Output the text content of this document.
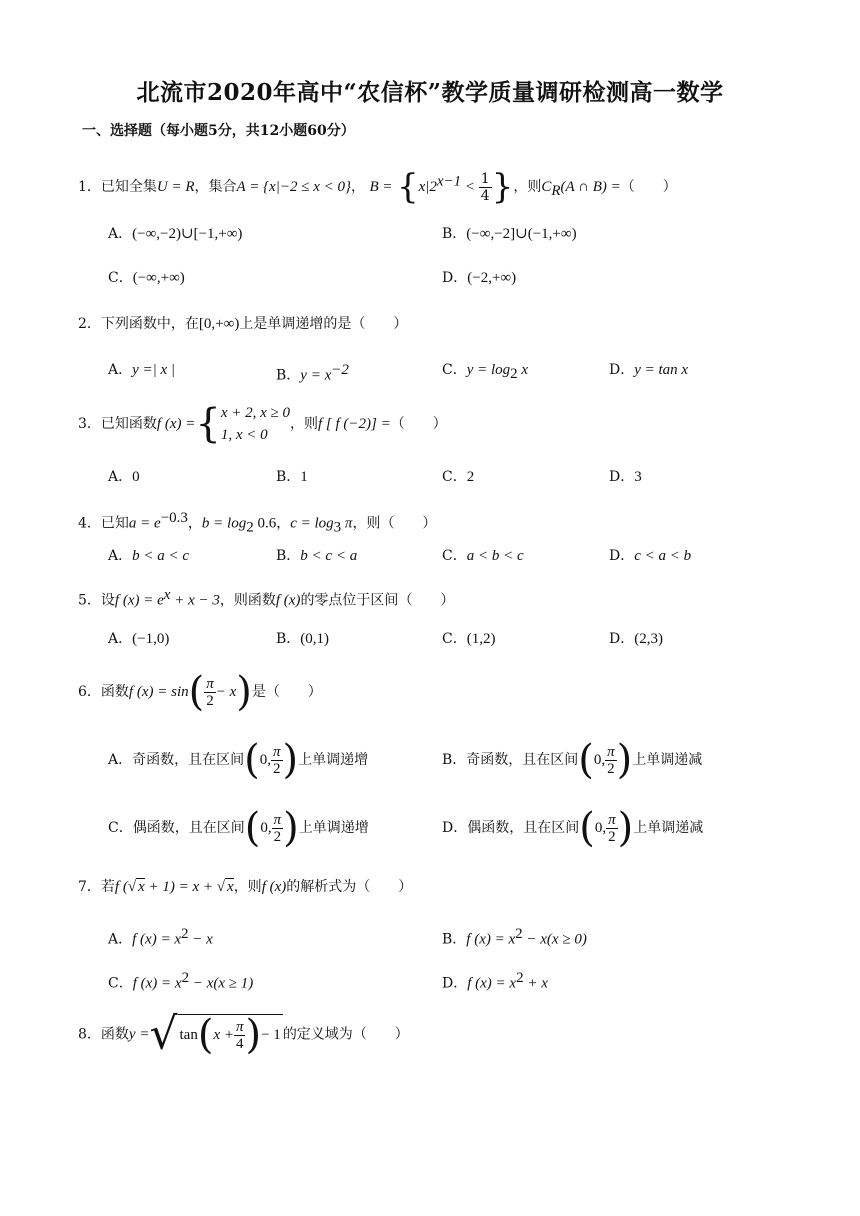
北流市2020年高中“农信杯”教学质量调研检测高一数学
一、选择题（每小题5分，共12小题60分）
1．已知全集U = R，集合A = {x|−2 ≤ x < 0}， $B = \{x|2^{x-1} < \frac{1}{4}$ }，则$C_R(A$ ∩ B) =（　　）
A．(−∞,−2)∪[−1,+∞)	B．(−∞,−2]∪(−1,+∞)
C．(−∞,+∞)	D．(−2,+∞)
2．下列函数中，在[0,+∞)上是单调递增的是（　　）
A．y =| x |	B．$y = x^{-2}$	C．$y = \log_2 x$	D．y = tan x
3．已知函数f (x) ={ x + 2, x ≥ 0
1, x < 0
，则f [ f (−2)] =（　　）
A．0	B．1	C．2	D．3
4．已知$a = e^{-0.3}$，$b = \log_2 0.6$，$c = \log_3 \pi$，则（　　）
A．b < a < c	B．b < c < a	C．a < b < c	D．c < a < b
5．设f $(x) = e^x + x - 3$，则函数f (x)的零点位于区间（　　）
A．(−1,0)	B．(0,1)	C．(1,2)	D．(2,3)
6．函数f $(x) = \sin( \frac{\pi}{2} - x)$是（　　）
A．奇函数，且在区间(0, $\frac{\pi}{2}$ )上单调递增	B．奇函数，且在区间(0, $\frac{\pi}{2}$ )上单调递减
C．偶函数，且在区间(0, $\frac{\pi}{2}$ )上单调递增	D．偶函数，且在区间(0, $\frac{\pi}{2}$ )上单调递减
7．若f (√ x + 1) = x + √ x，则f (x)的解析式为（　　）
A．f $(x) = x^2 - x$	B．f $(x) = x^2 - x(x \ge 0)$
C．f $(x) = x^2 - x(x \ge 1)$	D．f $(x) = x^2 + x$
8．函数y =√ $\tan(x + \frac{\pi}{4}$ )− 1 的定义域为（　　）
